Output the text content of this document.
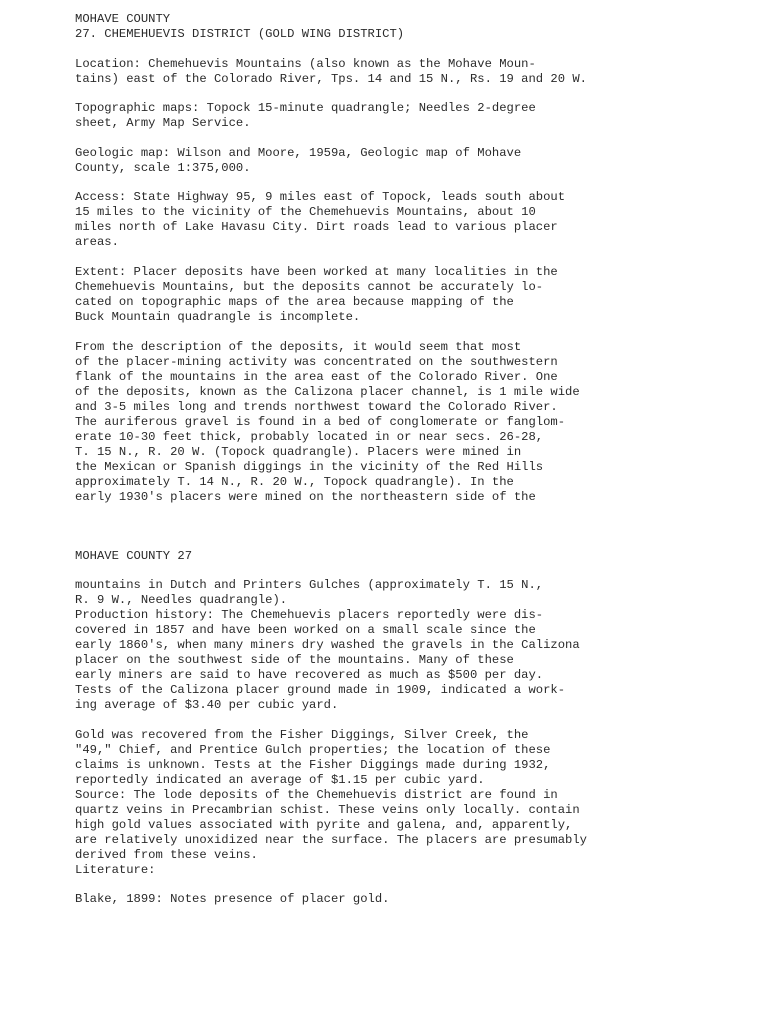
MOHAVE COUNTY
27. CHEMEHUEVIS DISTRICT (GOLD WING DISTRICT)
Location: Chemehuevis Mountains (also known as the Mohave Moun-
tains) east of the Colorado River, Tps. 14 and 15 N., Rs. 19 and 20 W.
Topographic maps: Topock 15-minute quadrangle; Needles 2-degree
sheet, Army Map Service.
Geologic map: Wilson and Moore, 1959a, Geologic map of Mohave
County, scale 1:375,000.
Access: State Highway 95, 9 miles east of Topock, leads south about
15 miles to the vicinity of the Chemehuevis Mountains, about 10
miles north of Lake Havasu City. Dirt roads lead to various placer
areas.
Extent: Placer deposits have been worked at many localities in the
Chemehuevis Mountains, but the deposits cannot be accurately lo-
cated on topographic maps of the area because mapping of the
Buck Mountain quadrangle is incomplete.
From the description of the deposits, it would seem that most
of the placer-mining activity was concentrated on the southwestern
flank of the mountains in the area east of the Colorado River. One
of the deposits, known as the Calizona placer channel, is 1 mile wide
and 3-5 miles long and trends northwest toward the Colorado River.
The auriferous gravel is found in a bed of conglomerate or fanglom-
erate 10-30 feet thick, probably located in or near secs. 26-28,
T. 15 N., R. 20 W. (Topock quadrangle). Placers were mined in
the Mexican or Spanish diggings in the vicinity of the Red Hills
approximately T. 14 N., R. 20 W., Topock quadrangle). In the
early 1930's placers were mined on the northeastern side of the
MOHAVE COUNTY 27
mountains in Dutch and Printers Gulches (approximately T. 15 N.,
R. 9 W., Needles quadrangle).
Production history: The Chemehuevis placers reportedly were dis-
covered in 1857 and have been worked on a small scale since the
early 1860's, when many miners dry washed the gravels in the Calizona
placer on the southwest side of the mountains. Many of these
early miners are said to have recovered as much as $500 per day.
Tests of the Calizona placer ground made in 1909, indicated a work-
ing average of $3.40 per cubic yard.
Gold was recovered from the Fisher Diggings, Silver Creek, the
"49," Chief, and Prentice Gulch properties; the location of these
claims is unknown. Tests at the Fisher Diggings made during 1932,
reportedly indicated an average of $1.15 per cubic yard.
Source: The lode deposits of the Chemehuevis district are found in
quartz veins in Precambrian schist. These veins only locally. contain
high gold values associated with pyrite and galena, and, apparently,
are relatively unoxidized near the surface. The placers are presumably
derived from these veins.
Literature:
Blake, 1899: Notes presence of placer gold.
